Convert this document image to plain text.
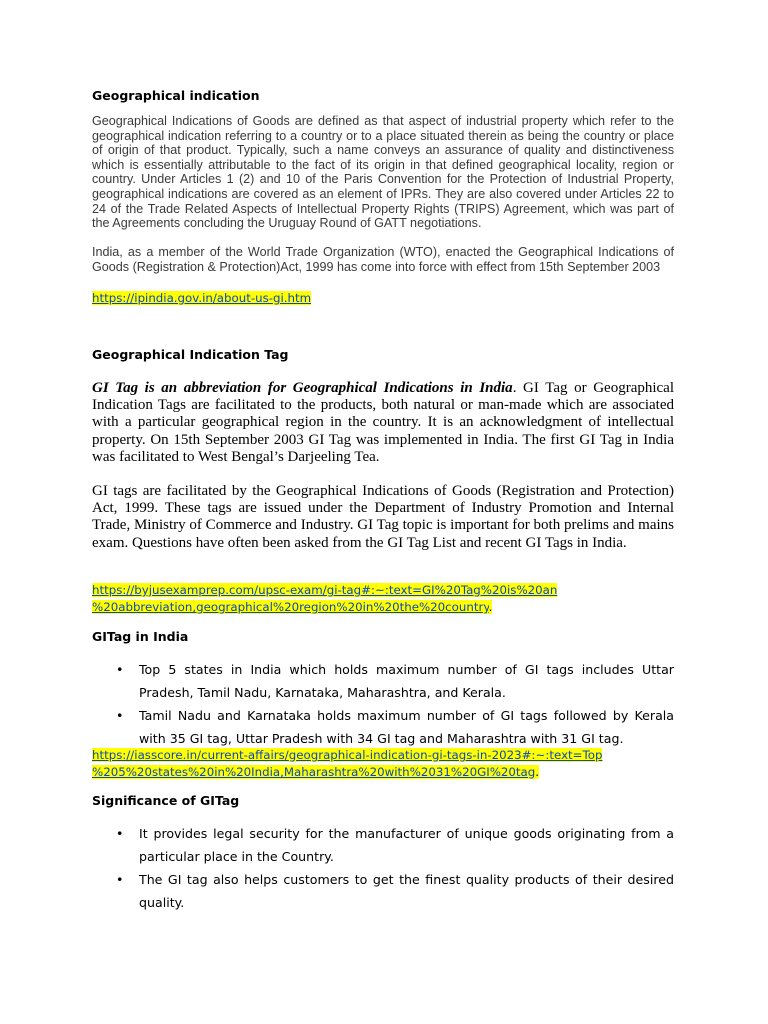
Geographical indication

Geographical Indications of Goods are defined as that aspect of industrial property which refer to the geographical indication referring to a country or to a place situated therein as being the country or place of origin of that product. Typically, such a name conveys an assurance of quality and distinctiveness which is essentially attributable to the fact of its origin in that defined geographical locality, region or country. Under Articles 1 (2) and 10 of the Paris Convention for the Protection of Industrial Property, geographical indications are covered as an element of IPRs. They are also covered under Articles 22 to 24 of the Trade Related Aspects of Intellectual Property Rights (TRIPS) Agreement, which was part of the Agreements concluding the Uruguay Round of GATT negotiations.

India, as a member of the World Trade Organization (WTO), enacted the Geographical Indications of Goods (Registration & Protection)Act, 1999 has come into force with effect from 15th September 2003

https://ipindia.gov.in/about-us-gi.htm

Geographical Indication Tag

GI Tag is an abbreviation for Geographical Indications in India. GI Tag or Geographical Indication Tags are facilitated to the products, both natural or man-made which are associated with a particular geographical region in the country. It is an acknowledgment of intellectual property. On 15th September 2003 GI Tag was implemented in India. The first GI Tag in India was facilitated to West Bengal’s Darjeeling Tea.

GI tags are facilitated by the Geographical Indications of Goods (Registration and Protection) Act, 1999. These tags are issued under the Department of Industry Promotion and Internal Trade, Ministry of Commerce and Industry. GI Tag topic is important for both prelims and mains exam. Questions have often been asked from the GI Tag List and recent GI Tags in India.

https://byjusexamprep.com/upsc-exam/gi-tag#:~:text=GI%20Tag%20is%20an
%20abbreviation,geographical%20region%20in%20the%20country.

GITag in India
• Top 5 states in India which holds maximum number of GI tags includes Uttar Pradesh, Tamil Nadu, Karnataka, Maharashtra, and Kerala.
• Tamil Nadu and Karnataka holds maximum number of GI tags followed by Kerala with 35 GI tag, Uttar Pradesh with 34 GI tag and Maharashtra with 31 GI tag.

https://iasscore.in/current-affairs/geographical-indication-gi-tags-in-2023#:~:text=Top
%205%20states%20in%20India,Maharashtra%20with%2031%20GI%20tag.

Significance of GITag
• It provides legal security for the manufacturer of unique goods originating from a particular place in the Country.
• The GI tag also helps customers to get the finest quality products of their desired quality.
